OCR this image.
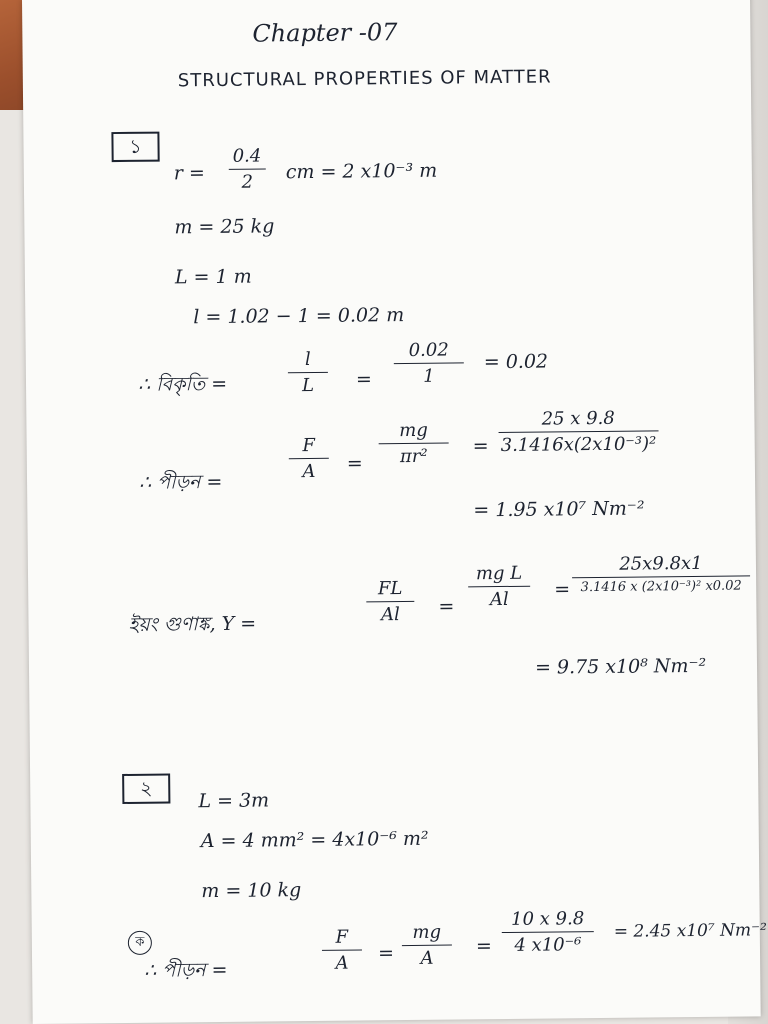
Chapter -07
STRUCTURAL PROPERTIES OF MATTER
১
r =
0.4
2 cm = 2 x10⁻³ m
m = 25 kg
L = 1 m
l = 1.02 − 1 = 0.02 m
∴ বিকৃতি =
l
L =
0.02
1
= 0.02
∴ পীড়ন =
F
A =
mg
πr² =
25 x 9.8
3.1416x(2x10⁻³)²
= 1.95 x10⁷ Nm⁻²
ইয়ং গুণাঙ্ক, Y =
FL
Al =
mg L
Al =
25x9.8x1
3.1416 x (2x10⁻³)² x0.02
= 9.75 x10⁸ Nm⁻²
২
L = 3m
A = 4 mm² = 4x10⁻⁶ m²
m = 10 kg
ক
∴ পীড়ন =
F
A =
mg
A
=
10 x 9.8
4 x10⁻⁶
= 2.45 x10⁷ Nm⁻²
